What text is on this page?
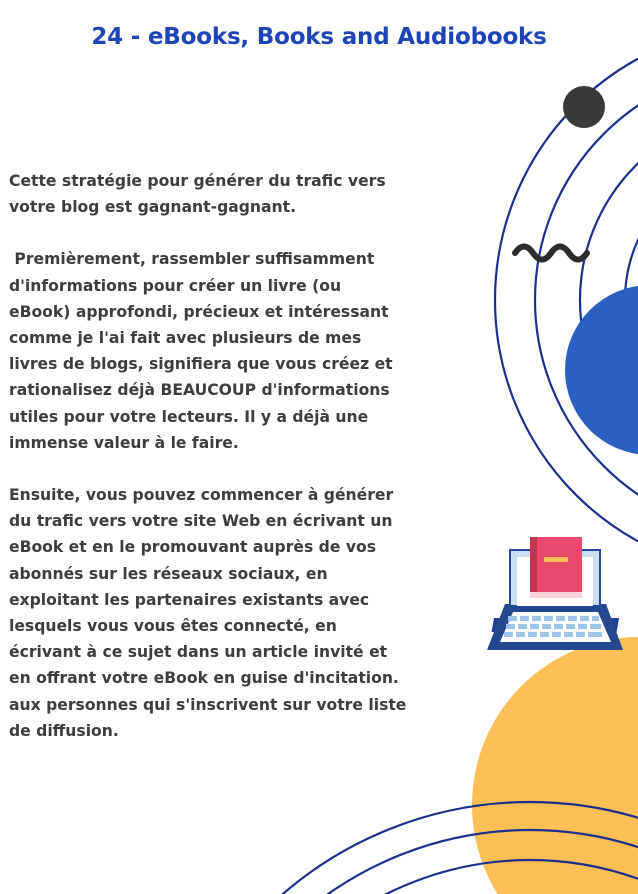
24 - eBooks, Books and Audiobooks

Cette stratégie pour générer du trafic vers

votre blog est gagnant-gagnant.

Premièrement, rassembler suffisamment

d'informations pour créer un livre (ou

eBook) approfondi, précieux et intéressant

comme je l'ai fait avec plusieurs de mes

livres de blogs, signifiera que vous créez et

rationalisez déjà BEAUCOUP d'informations

utiles pour votre lecteurs. Il y a déjà une

immense valeur à le faire.

Ensuite, vous pouvez commencer à générer

du trafic vers votre site Web en écrivant un

eBook et en le promouvant auprès de vos

abonnés sur les réseaux sociaux, en

exploitant les partenaires existants avec

lesquels vous vous êtes connecté, en

écrivant à ce sujet dans un article invité et

en offrant votre eBook en guise d'incitation.

aux personnes qui s'inscrivent sur votre liste

de diffusion.
